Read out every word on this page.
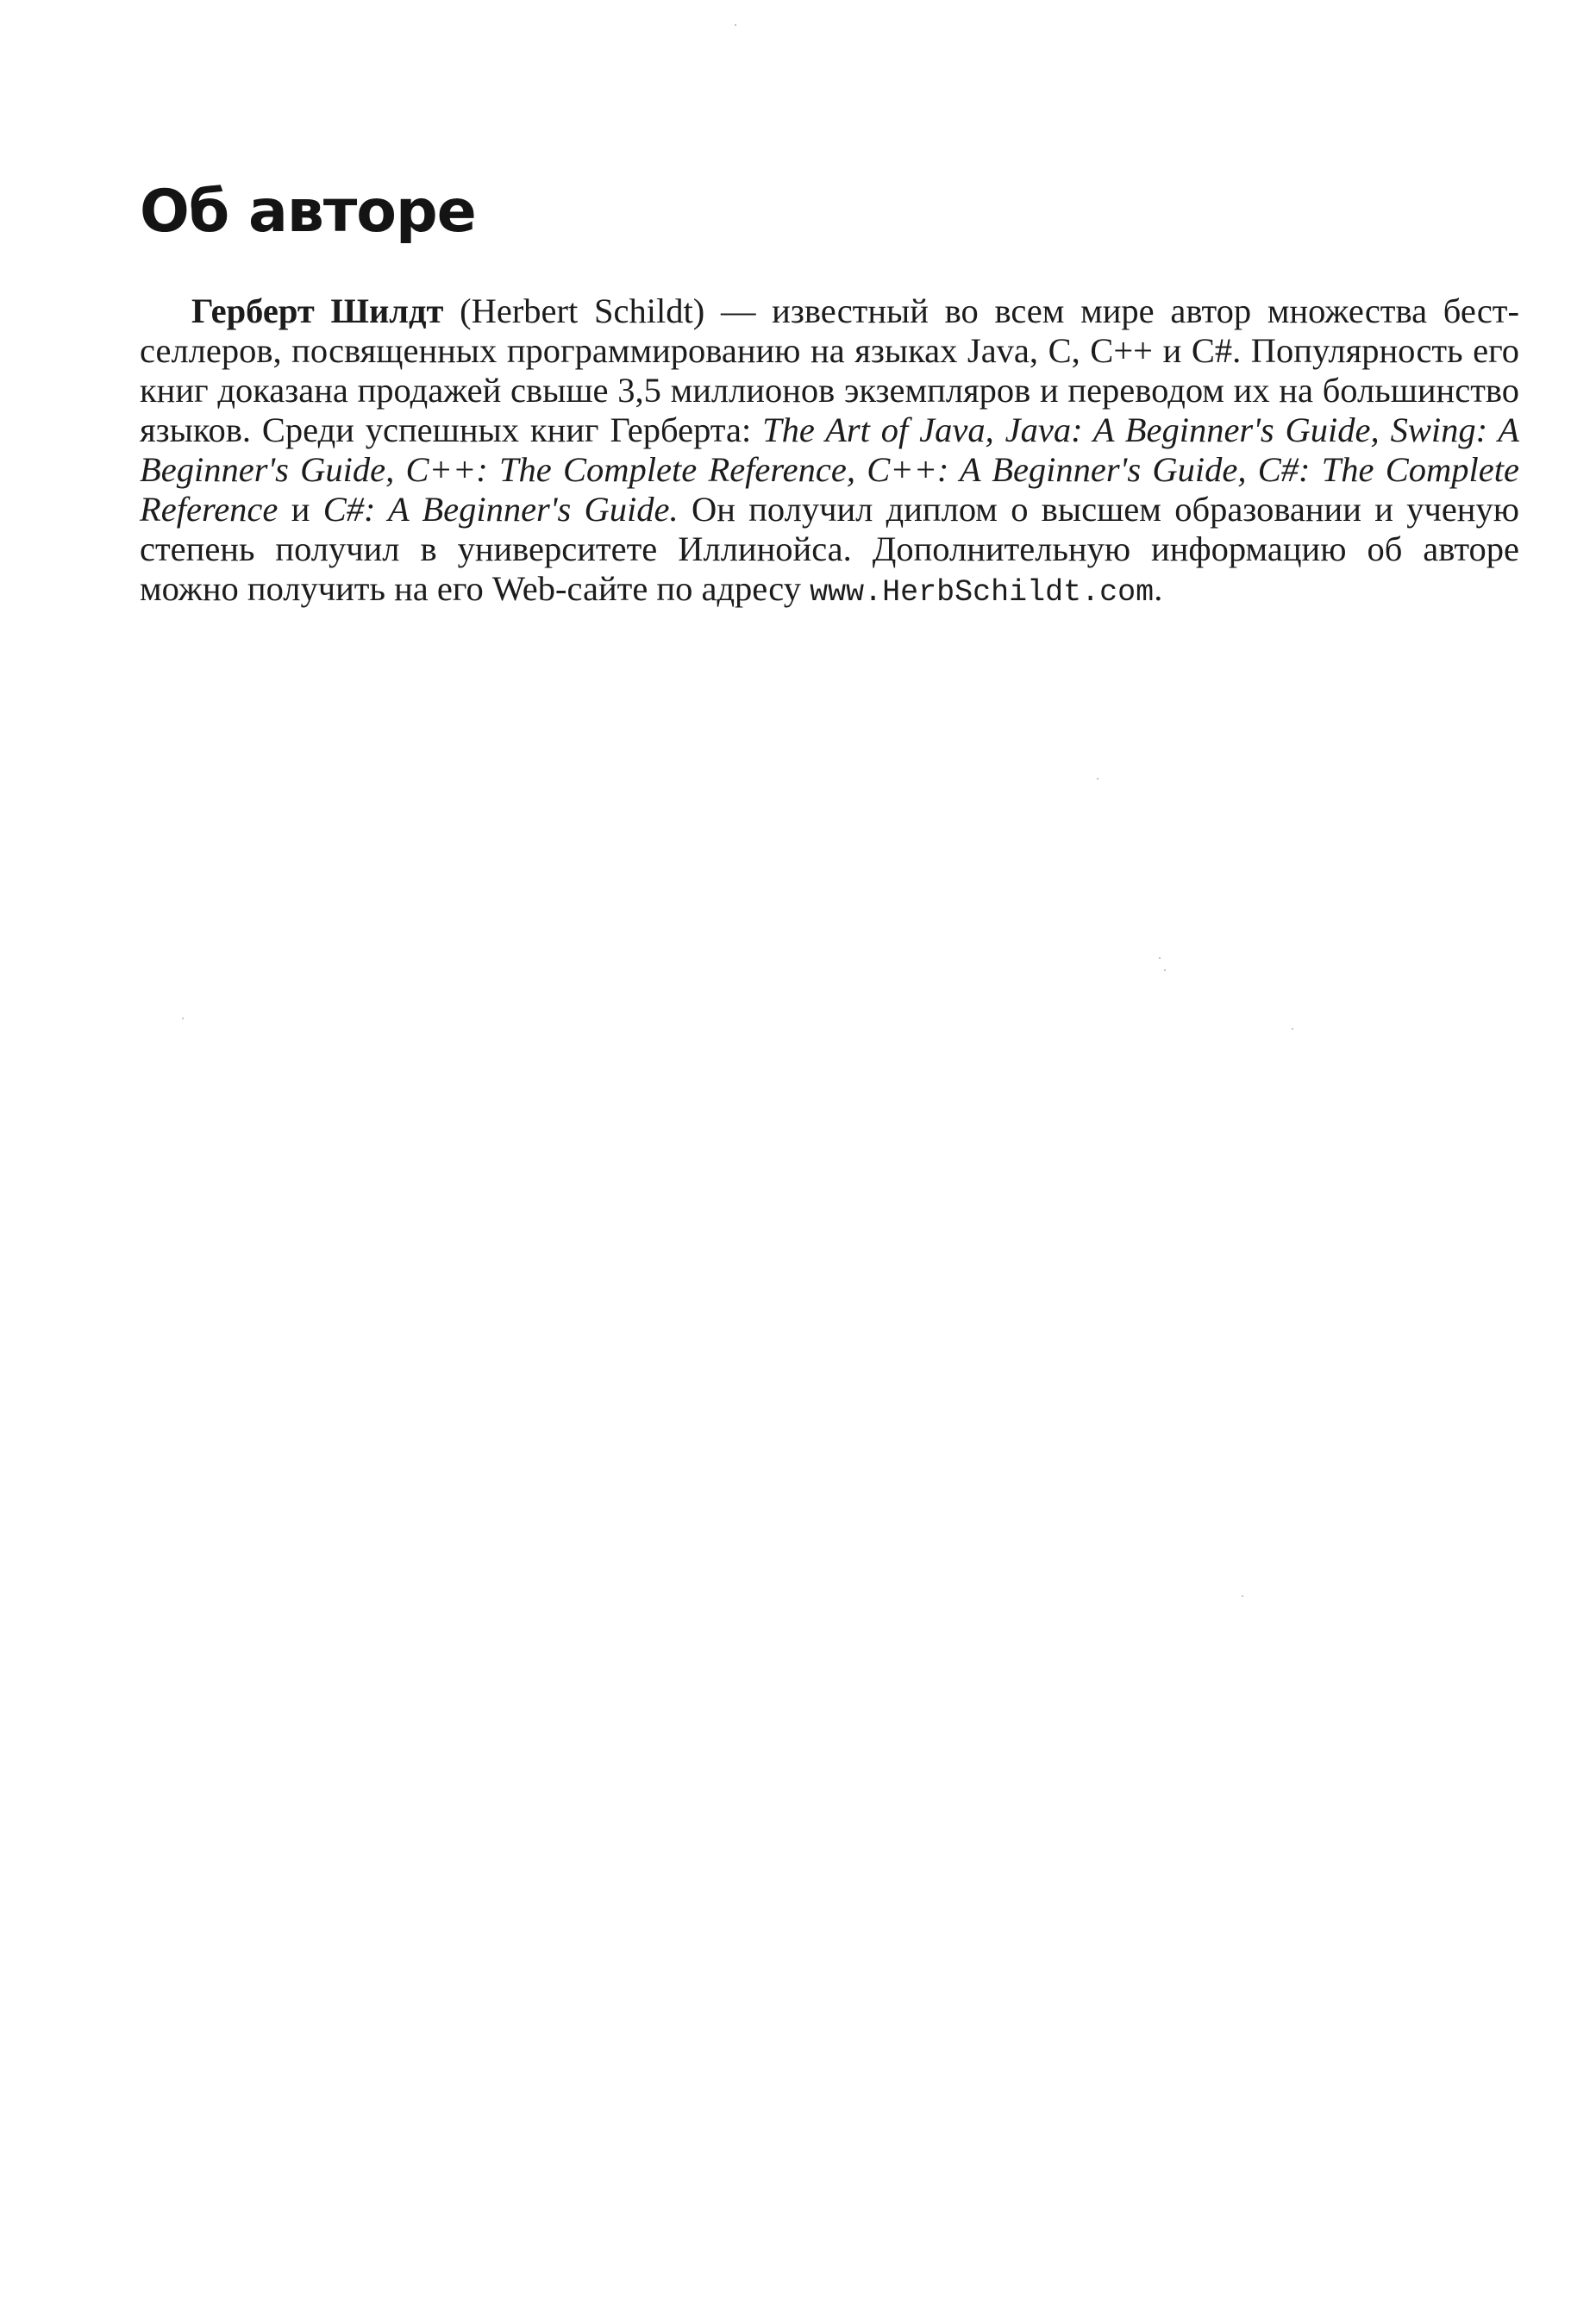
Об авторе

Герберт Шилдт (Herbert Schildt) — известный во всем мире автор множества бестселлеров, посвященных программированию на языках Java, С, С++ и С#. Популярность его книг доказана продажей свыше 3,5 миллионов экземпляров и переводом их на большинство языков. Среди успешных книг Герберта: The Art of Java, Java: A Beginner's Guide, Swing: A Beginner's Guide, C++: The Complete Reference, C++: A Beginner's Guide, C#: The Complete Reference и C#: A Beginner's Guide. Он получил диплом о высшем образовании и ученую степень получил в университете Иллинойса. Дополнительную информацию об авторе можно получить на его Web-сайте по адресу www.HerbSchildt.com.
